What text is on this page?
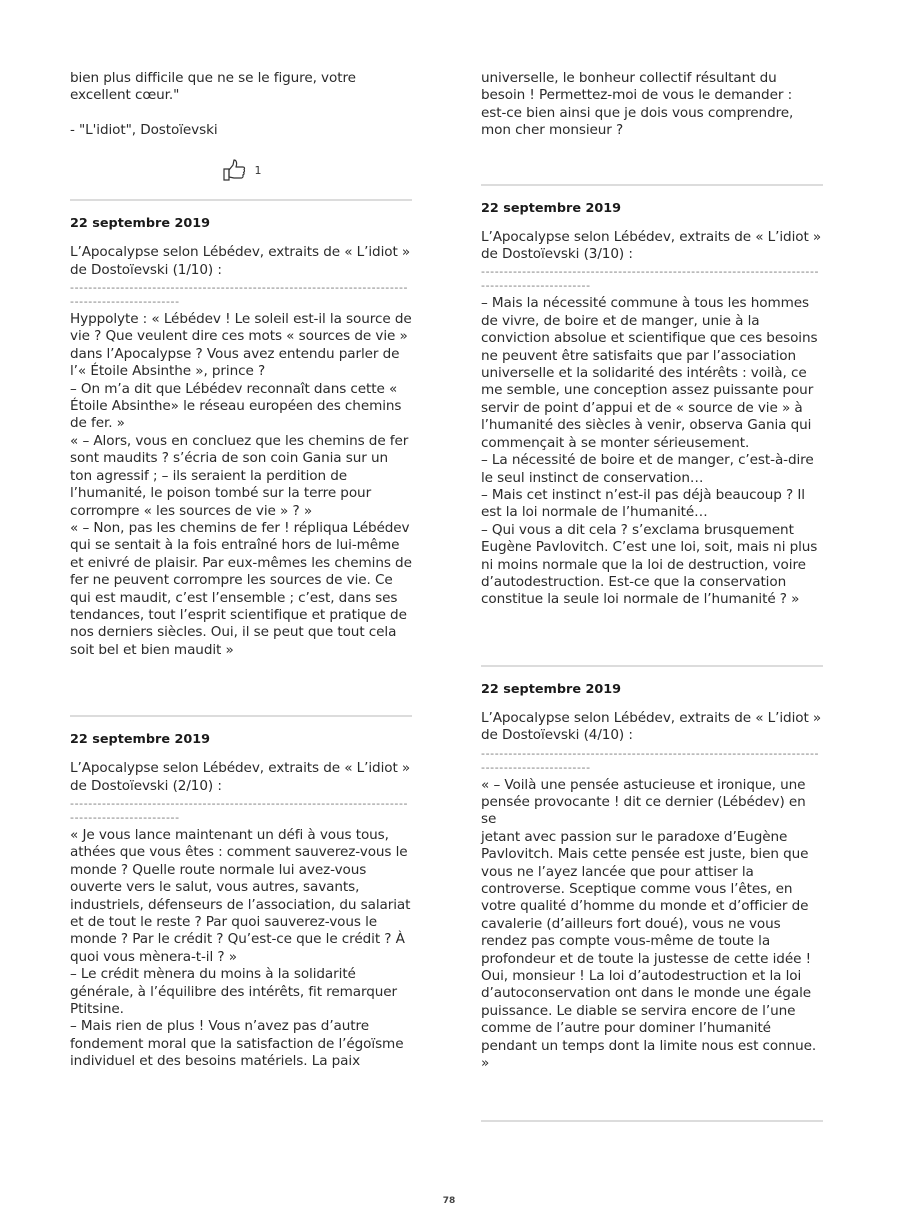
bien plus difficile que ne se le figure, votre
excellent cœur."

- "L'idiot", Dostoïevski

1

22 septembre 2019

L’Apocalypse selon Lébédev, extraits de « L’idiot »
de Dostoïevski (1/10) :

--------------------------------------------------------------------------------------------------

Hyppolyte : « Lébédev ! Le soleil est-il la source de
vie ? Que veulent dire ces mots « sources de vie »
dans l’Apocalypse ? Vous avez entendu parler de
l’« Étoile Absinthe », prince ?
– On m’a dit que Lébédev reconnaît dans cette «
Étoile Absinthe» le réseau européen des chemins
de fer. »
« – Alors, vous en concluez que les chemins de fer
sont maudits ? s’écria de son coin Gania sur un
ton agressif ; – ils seraient la perdition de
l’humanité, le poison tombé sur la terre pour
corrompre « les sources de vie » ? »
« – Non, pas les chemins de fer ! répliqua Lébédev
qui se sentait à la fois entraîné hors de lui-même
et enivré de plaisir. Par eux-mêmes les chemins de
fer ne peuvent corrompre les sources de vie. Ce
qui est maudit, c’est l’ensemble ; c’est, dans ses
tendances, tout l’esprit scientifique et pratique de
nos derniers siècles. Oui, il se peut que tout cela
soit bel et bien maudit »

22 septembre 2019

L’Apocalypse selon Lébédev, extraits de « L’idiot »
de Dostoïevski (2/10) :

--------------------------------------------------------------------------------------------------

« Je vous lance maintenant un défi à vous tous,
athées que vous êtes : comment sauverez-vous le
monde ? Quelle route normale lui avez-vous
ouverte vers le salut, vous autres, savants,
industriels, défenseurs de l’association, du salariat
et de tout le reste ? Par quoi sauverez-vous le
monde ? Par le crédit ? Qu’est-ce que le crédit ? À
quoi vous mènera-t-il ? »
– Le crédit mènera du moins à la solidarité
générale, à l’équilibre des intérêts, fit remarquer
Ptitsine.
– Mais rien de plus ! Vous n’avez pas d’autre
fondement moral que la satisfaction de l’égoïsme
individuel et des besoins matériels. La paix

universelle, le bonheur collectif résultant du
besoin ! Permettez-moi de vous le demander :
est-ce bien ainsi que je dois vous comprendre,
mon cher monsieur ?

22 septembre 2019

L’Apocalypse selon Lébédev, extraits de « L’idiot »
de Dostoïevski (3/10) :

--------------------------------------------------------------------------------------------------

– Mais la nécessité commune à tous les hommes
de vivre, de boire et de manger, unie à la
conviction absolue et scientifique que ces besoins
ne peuvent être satisfaits que par l’association
universelle et la solidarité des intérêts : voilà, ce
me semble, une conception assez puissante pour
servir de point d’appui et de « source de vie » à
l’humanité des siècles à venir, observa Gania qui
commençait à se monter sérieusement.
– La nécessité de boire et de manger, c’est-à-dire
le seul instinct de conservation…
– Mais cet instinct n’est-il pas déjà beaucoup ? Il
est la loi normale de l’humanité…
– Qui vous a dit cela ? s’exclama brusquement
Eugène Pavlovitch. C’est une loi, soit, mais ni plus
ni moins normale que la loi de destruction, voire
d’autodestruction. Est-ce que la conservation
constitue la seule loi normale de l’humanité ? »

22 septembre 2019

L’Apocalypse selon Lébédev, extraits de « L’idiot »
de Dostoïevski (4/10) :

--------------------------------------------------------------------------------------------------

« – Voilà une pensée astucieuse et ironique, une
pensée provocante ! dit ce dernier (Lébédev) en se
jetant avec passion sur le paradoxe d’Eugène
Pavlovitch. Mais cette pensée est juste, bien que
vous ne l’ayez lancée que pour attiser la
controverse. Sceptique comme vous l’êtes, en
votre qualité d’homme du monde et d’officier de
cavalerie (d’ailleurs fort doué), vous ne vous
rendez pas compte vous-même de toute la
profondeur et de toute la justesse de cette idée !
Oui, monsieur ! La loi d’autodestruction et la loi
d’autoconservation ont dans le monde une égale
puissance. Le diable se servira encore de l’une
comme de l’autre pour dominer l’humanité
pendant un temps dont la limite nous est connue.
»

78
